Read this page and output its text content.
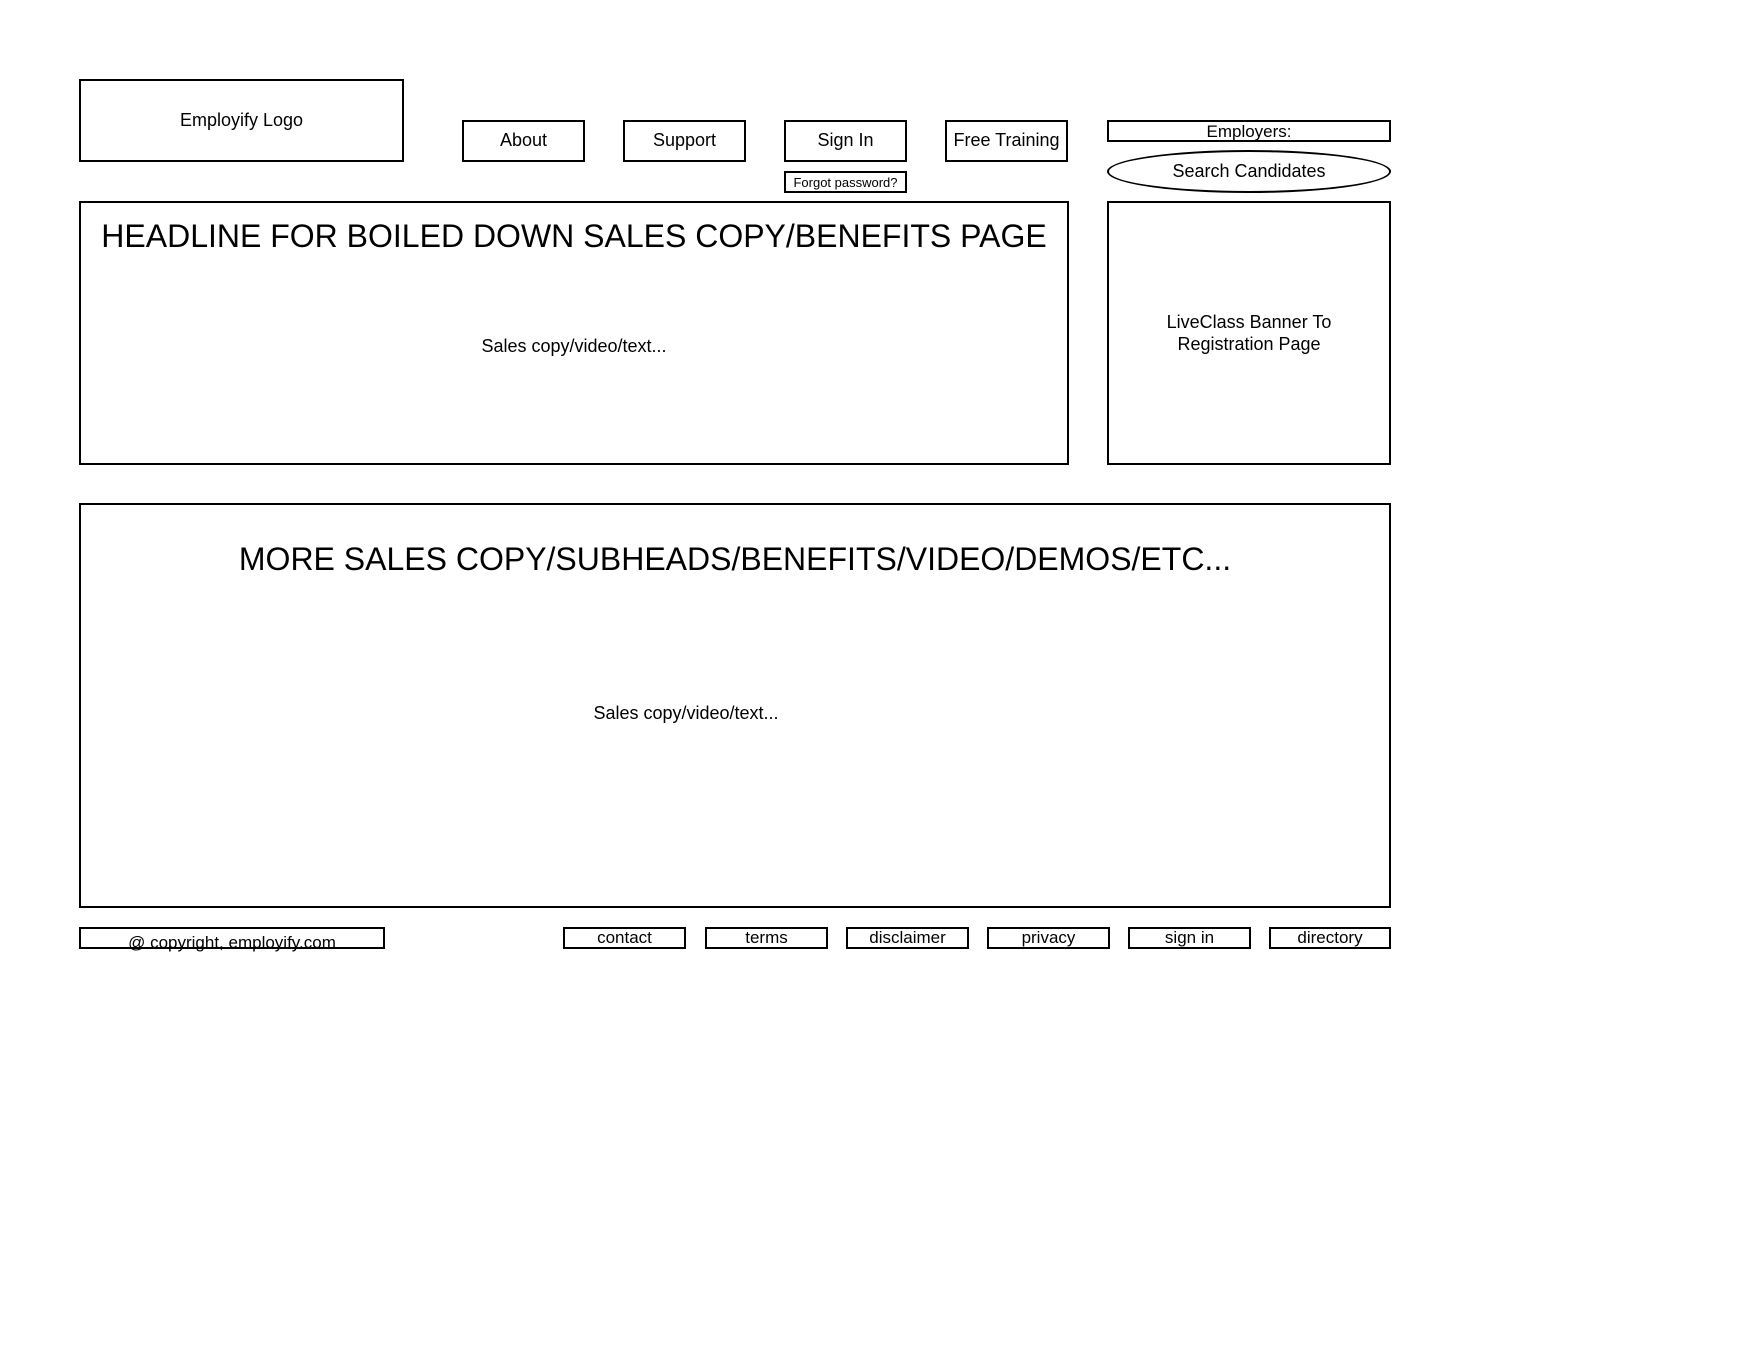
Employify Logo
About	Support	Sign In	Free Training
Forgot password?
Employers:
Search Candidates
HEADLINE FOR BOILED DOWN SALES COPY/BENEFITS PAGE
Sales copy/video/text...
LiveClass Banner To Registration Page
MORE SALES COPY/SUBHEADS/BENEFITS/VIDEO/DEMOS/ETC...
Sales copy/video/text...
@ copyright, employify.com	contact	terms	disclaimer	privacy	sign in	directory
